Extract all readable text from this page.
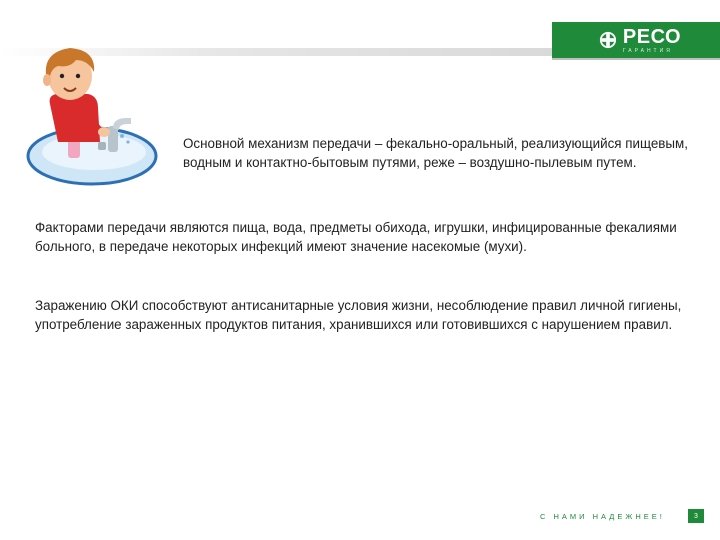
РЕСО
ГАРАНТИЯ

Основной механизм передачи – фекально-оральный, реализующийся пищевым, водным и контактно-бытовым путями, реже – воздушно-пылевым путем.

Факторами передачи являются пища, вода, предметы обихода, игрушки, инфицированные фекалиями больного, в передаче некоторых инфекций имеют значение насекомые (мухи).

Заражению ОКИ способствуют антисанитарные условия жизни, несоблюдение правил личной гигиены, употребление зараженных продуктов питания, хранившихся или готовившихся с нарушением правил.

С НАМИ НАДЕЖНЕЕ!	3
